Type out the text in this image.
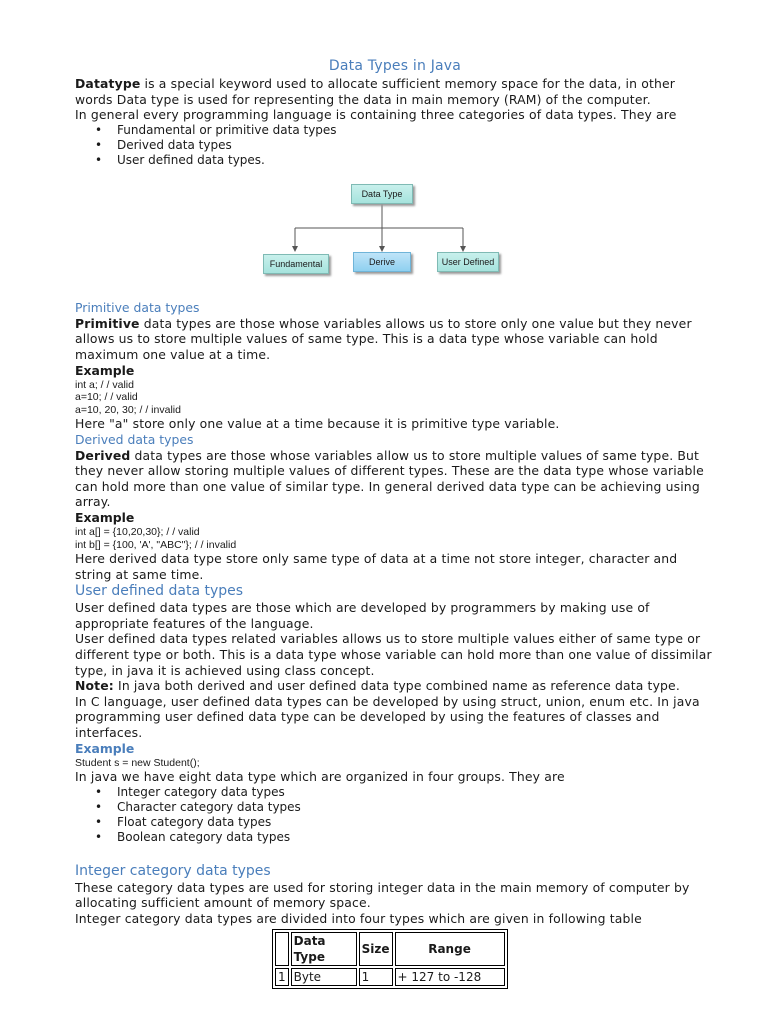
Data Types in Java

Datatype is a special keyword used to allocate sufficient memory space for the data, in other words Data type is used for representing the data in main memory (RAM) of the computer.

In general every programming language is containing three categories of data types. They are

• Fundamental or primitive data types
• Derived data types
• User defined data types.
Data Type
Fundamental	Derive	User Defined
Primitive data types

Primitive data types are those whose variables allows us to store only one value but they never allows us to store multiple values of same type. This is a data type whose variable can hold maximum one value at a time.

Example
int a; / / valid
a=10; / / valid
a=10, 20, 30; / / invalid

Here "a" store only one value at a time because it is primitive type variable.

Derived data types

Derived data types are those whose variables allow us to store multiple values of same type. But they never allow storing multiple values of different types. These are the data type whose variable can hold more than one value of similar type. In general derived data type can be achieving using array.

Example
int a[] = {10,20,30}; / / valid
int b[] = {100, 'A', "ABC"}; / / invalid

Here derived data type store only same type of data at a time not store integer, character and string at same time.

User defined data types

User defined data types are those which are developed by programmers by making use of appropriate features of the language.

User defined data types related variables allows us to store multiple values either of same type or different type or both. This is a data type whose variable can hold more than one value of dissimilar type, in java it is achieved using class concept.

Note: In java both derived and user defined data type combined name as reference data type.

In C language, user defined data types can be developed by using struct, union, enum etc. In java programming user defined data type can be developed by using the features of classes and interfaces.

Example
Student s = new Student();

In java we have eight data type which are organized in four groups. They are

• Integer category data types
• Character category data types
• Float category data types
• Boolean category data types
Integer category data types

These category data types are used for storing integer data in the main memory of computer by allocating sufficient amount of memory space.

Integer category data types are divided into four types which are given in following table

	Data Type	Size	Range
1	Byte	1	+ 127 to -128
